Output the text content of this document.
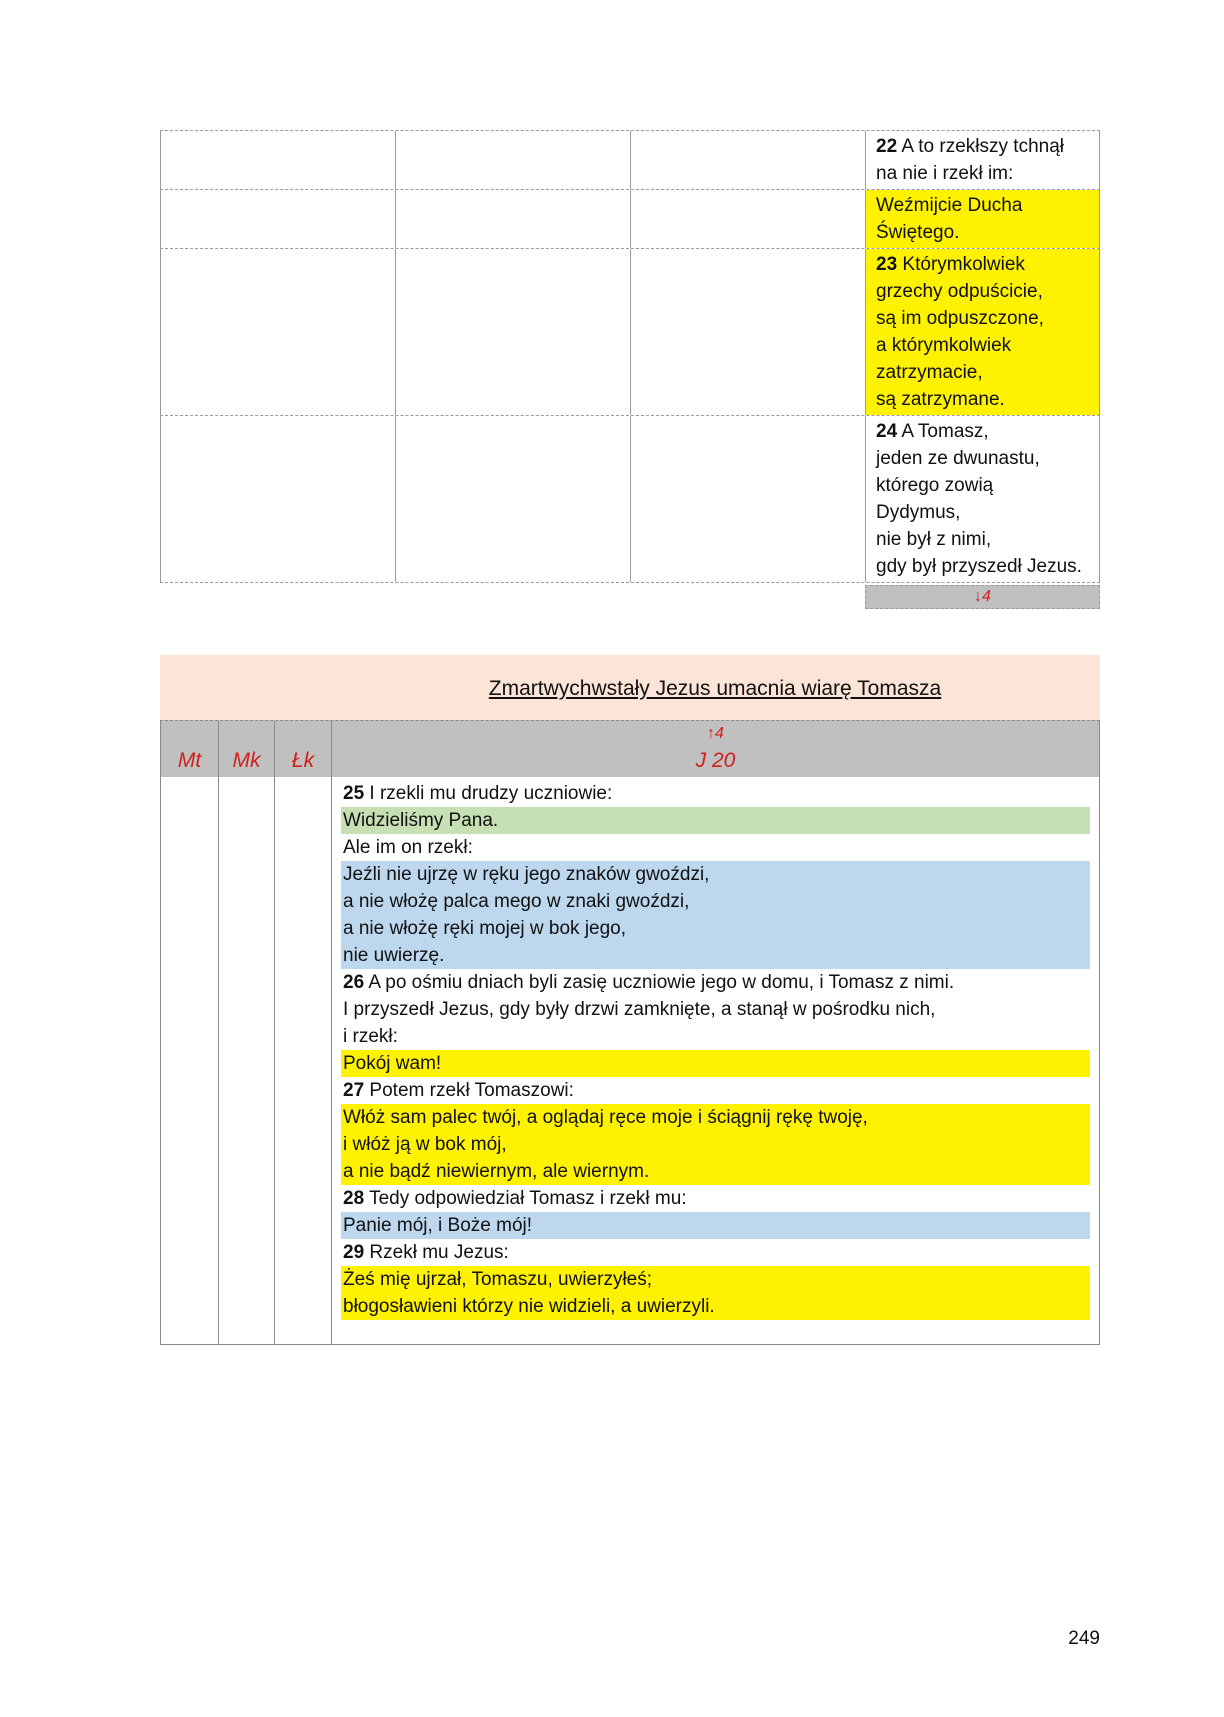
22 A to rzekłszy tchnął
na nie i rzekł im:
Weźmijcie Ducha
Świętego.
23 Którymkolwiek
grzechy odpuścicie,
są im odpuszczone,
a którymkolwiek
zatrzymacie,
są zatrzymane.
24 A Tomasz,
jeden ze dwunastu,
którego zowią
Dydymus,
nie był z nimi,
gdy był przyszedł Jezus.
↓4
Zmartwychwstały Jezus umacnia wiarę Tomasza
Mt	Mk	Łk
↑4
J 20
25 I rzekli mu drudzy uczniowie:
Widzieliśmy Pana.
Ale im on rzekł:
Jeźli nie ujrzę w ręku jego znaków gwoździ,
a nie włożę palca mego w znaki gwoździ,
a nie włożę ręki mojej w bok jego,
nie uwierzę.
26 A po ośmiu dniach byli zasię uczniowie jego w domu, i Tomasz z nimi.
I przyszedł Jezus, gdy były drzwi zamknięte, a stanął w pośrodku nich,
i rzekł:
Pokój wam!
27 Potem rzekł Tomaszowi:
Włóż sam palec twój, a oglądaj ręce moje i ściągnij rękę twoję,
i włóż ją w bok mój,
a nie bądź niewiernym, ale wiernym.
28 Tedy odpowiedział Tomasz i rzekł mu:
Panie mój, i Boże mój!
29 Rzekł mu Jezus:
Żeś mię ujrzał, Tomaszu, uwierzyłeś;
błogosławieni którzy nie widzieli, a uwierzyli.
249
